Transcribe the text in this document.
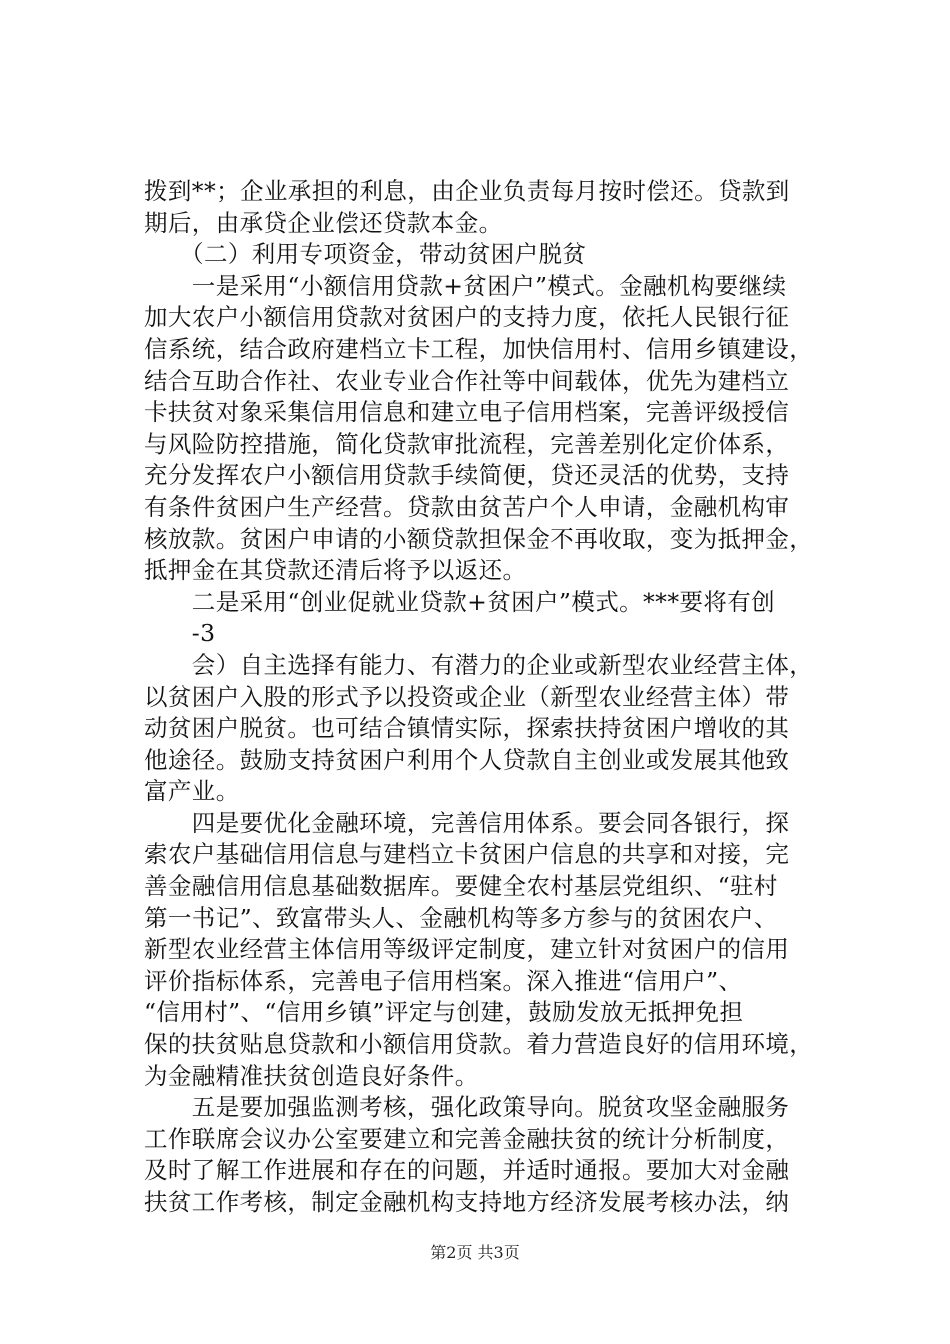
拨到**；企业承担的利息，由企业负责每月按时偿还。贷款到
期后，由承贷企业偿还贷款本金。
　　（二）利用专项资金，带动贫困户脱贫
　　一是采用“小额信用贷款+贫困户”模式。金融机构要继续
加大农户小额信用贷款对贫困户的支持力度，依托人民银行征
信系统，结合政府建档立卡工程，加快信用村、信用乡镇建设，
结合互助合作社、农业专业合作社等中间载体，优先为建档立
卡扶贫对象采集信用信息和建立电子信用档案，完善评级授信
与风险防控措施，简化贷款审批流程，完善差别化定价体系，
充分发挥农户小额信用贷款手续简便，贷还灵活的优势，支持
有条件贫困户生产经营。贷款由贫苦户个人申请，金融机构审
核放款。贫困户申请的小额贷款担保金不再收取，变为抵押金，
抵押金在其贷款还清后将予以返还。
　　二是采用“创业促就业贷款+贫困户”模式。***要将有创
　　-3
　　会）自主选择有能力、有潜力的企业或新型农业经营主体，
以贫困户入股的形式予以投资或企业（新型农业经营主体）带
动贫困户脱贫。也可结合镇情实际，探索扶持贫困户增收的其
他途径。鼓励支持贫困户利用个人贷款自主创业或发展其他致
富产业。
　　四是要优化金融环境，完善信用体系。要会同各银行，探
索农户基础信用信息与建档立卡贫困户信息的共享和对接，完
善金融信用信息基础数据库。要健全农村基层党组织、“驻村
第一书记”、致富带头人、金融机构等多方参与的贫困农户、
新型农业经营主体信用等级评定制度，建立针对贫困户的信用
评价指标体系，完善电子信用档案。深入推进“信用户”、
“信用村”、“信用乡镇”评定与创建，鼓励发放无抵押免担
保的扶贫贴息贷款和小额信用贷款。着力营造良好的信用环境，
为金融精准扶贫创造良好条件。
　　五是要加强监测考核，强化政策导向。脱贫攻坚金融服务
工作联席会议办公室要建立和完善金融扶贫的统计分析制度，
及时了解工作进展和存在的问题，并适时通报。要加大对金融
扶贫工作考核，制定金融机构支持地方经济发展考核办法，纳
第2页 共3页
